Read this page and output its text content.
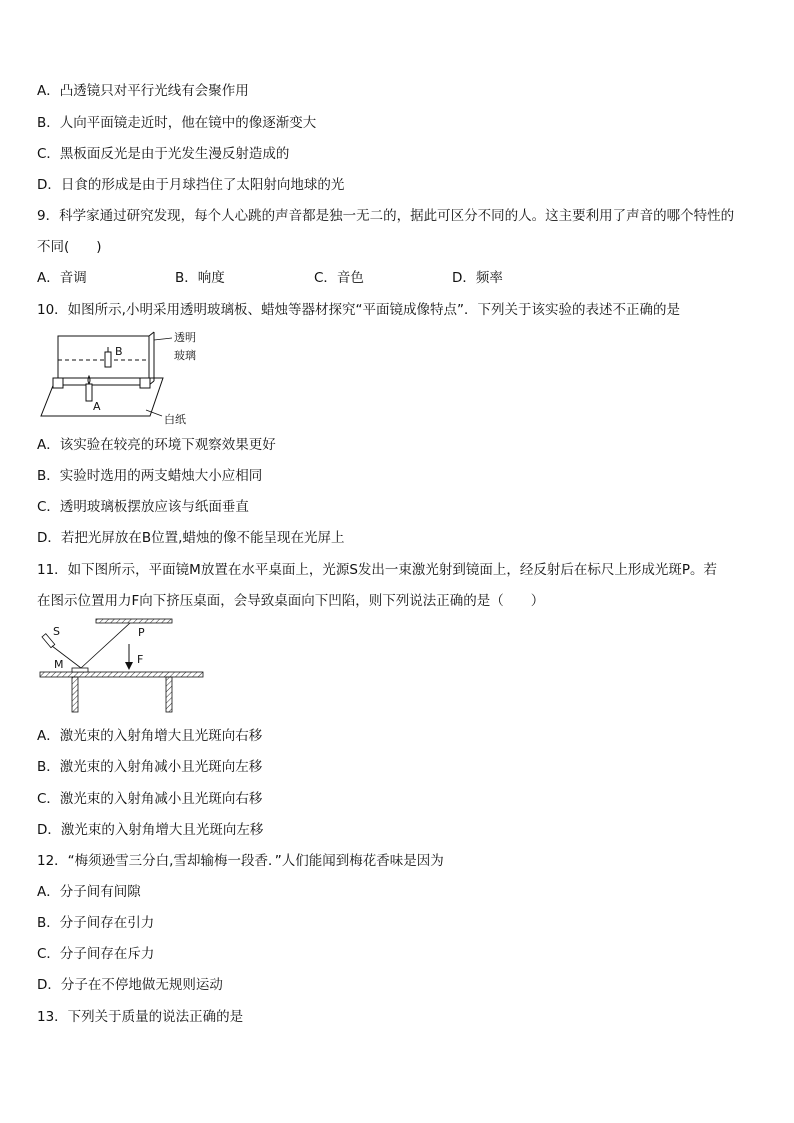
A．凸透镜只对平行光线有会聚作用
B．人向平面镜走近时，他在镜中的像逐渐变大
C．黑板面反光是由于光发生漫反射造成的
D．日食的形成是由于月球挡住了太阳射向地球的光
9．科学家通过研究发现，每个人心跳的声音都是独一无二的，据此可区分不同的人。这主要利用了声音的哪个特性的
不同(　　)
A．音调	B．响度	C．音色	D．频率
10．如图所示,小明采用透明玻璃板、蜡烛等器材探究“平面镜成像特点”．下列关于该实验的表述不正确的是
B
A
透明
玻璃
白纸
A．该实验在较亮的环境下观察效果更好
B．实验时选用的两支蜡烛大小应相同
C．透明玻璃板摆放应该与纸面垂直
D．若把光屏放在B位置,蜡烛的像不能呈现在光屏上
11．如下图所示，平面镜M放置在水平桌面上，光源S发出一束激光射到镜面上，经反射后在标尺上形成光斑P。若
在图示位置用力F向下挤压桌面，会导致桌面向下凹陷，则下列说法正确的是（　　）
S
M
P
F
A．激光束的入射角增大且光斑向右移
B．激光束的入射角减小且光斑向左移
C．激光束的入射角减小且光斑向右移
D．激光束的入射角增大且光斑向左移
12．“梅须逊雪三分白,雪却输梅一段香．”人们能闻到梅花香味是因为
A．分子间有间隙
B．分子间存在引力
C．分子间存在斥力
D．分子在不停地做无规则运动
13．下列关于质量的说法正确的是
